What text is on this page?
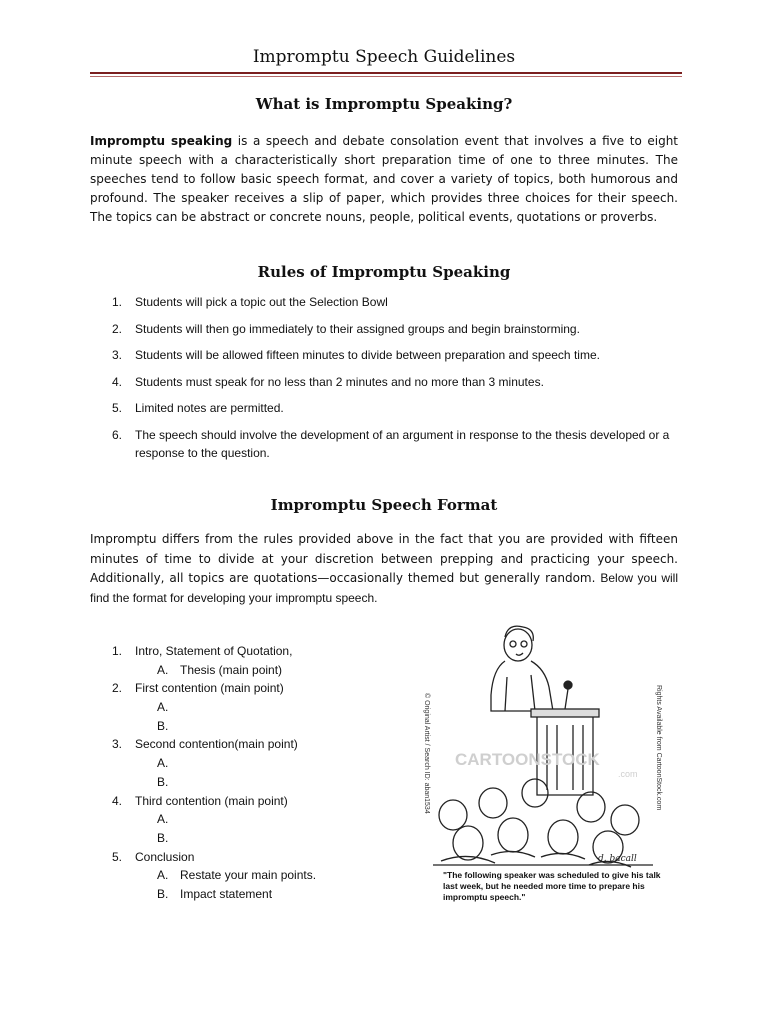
Impromptu Speech Guidelines
What is Impromptu Speaking?
Impromptu speaking is a speech and debate consolation event that involves a five to eight minute speech with a characteristically short preparation time of one to three minutes. The speeches tend to follow basic speech format, and cover a variety of topics, both humorous and profound. The speaker receives a slip of paper, which provides three choices for their speech. The topics can be abstract or concrete nouns, people, political events, quotations or proverbs.
Rules of Impromptu Speaking
1. Students will pick a topic out the Selection Bowl
2. Students will then go immediately to their assigned groups and begin brainstorming.
3. Students will be allowed fifteen minutes to divide between preparation and speech time.
4. Students must speak for no less than 2 minutes and no more than 3 minutes.
5. Limited notes are permitted.
6. The speech should involve the development of an argument in response to the thesis developed or a response to the question.
Impromptu Speech Format
Impromptu differs from the rules provided above in the fact that you are provided with fifteen minutes of time to divide at your discretion between prepping and practicing your speech. Additionally, all topics are quotations—occasionally themed but generally random. Below you will find the format for developing your impromptu speech.
1. Intro, Statement of Quotation,
A. Thesis (main point)
2. First contention (main point)
A.
B.
3. Second contention(main point)
A.
B.
4. Third contention (main point)
A.
B.
5. Conclusion
A. Restate your main points.
B. Impact statement
CARTOONSTOCK
.com
© Original Artist / Search ID: aban1534	Rights Available from CartoonStock.com
d. bacall
"The following speaker was scheduled to give his talk last week, but he needed more time to prepare his impromptu speech."
